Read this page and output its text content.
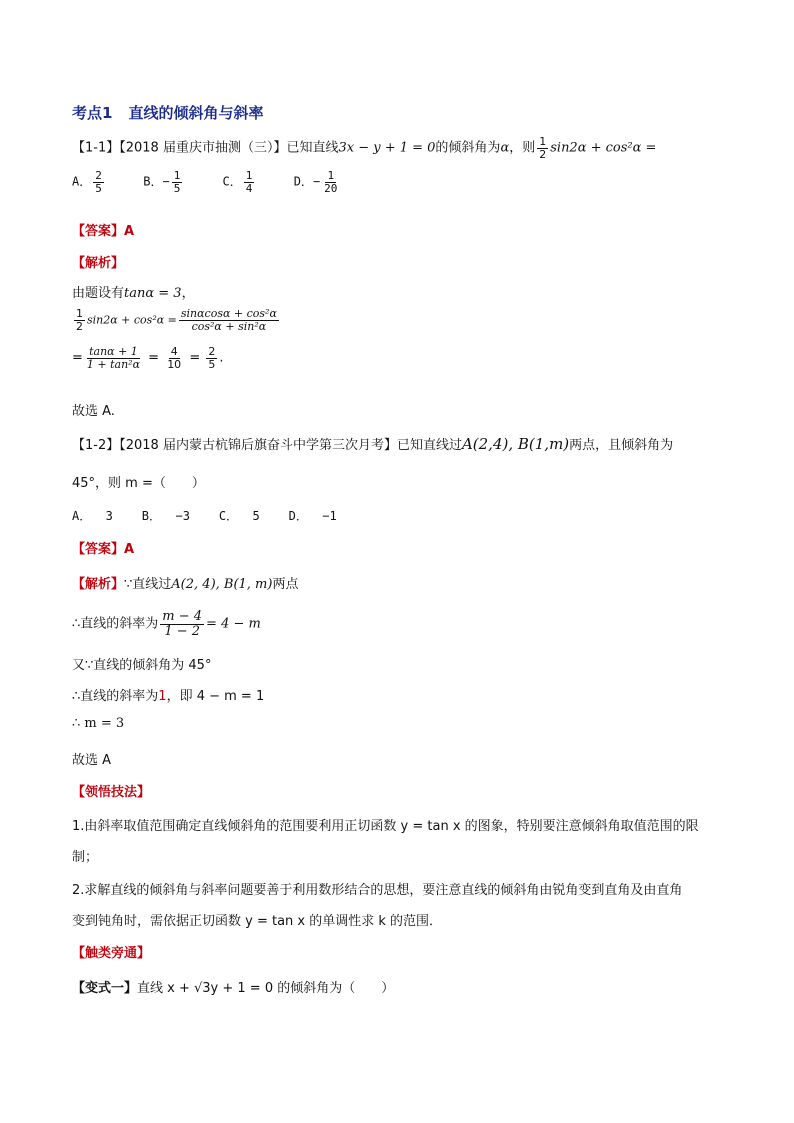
考点1 直线的倾斜角与斜率
【1-1】【2018 届重庆市抽测（三）】已知直线3x − y + 1 = 0的倾斜角为α，则 $\frac{1}{2} \sin 2\alpha + \cos^2\alpha$ =
A． $\frac{2}{5}$	B．− $\frac{1}{5}$	C． $\frac{1}{4}$	D．− $\frac{1}{20}$
【答案】A
【解析】
由题设有tanα = 3，
$\frac{1}{2} \sin 2\alpha + \cos^2\alpha = \frac{\text{sinαcosα + cos²α}}{\text{cos²α + sin²α}}$
= $\frac{\tan\alpha + 1}{\text{1 + tan²α}} = \frac{4}{10} = \frac{2}{5}$ .
故选 A.
【1-2】【2018 届内蒙古杭锦后旗奋斗中学第三次月考】已知直线过A(2,4), B(1,m)两点，且倾斜角为
45°，则 m =（　　）
A．  3    B．  −3    C．  5    D．  −1
【答案】A
【解析】∵直线过A(2, 4), B(1, m)两点
∴直线的斜率为 $\frac{m - 4}{1 - 2} = 4 - m$
又∵直线的倾斜角为 45°
∴直线的斜率为1，即 4 − m = 1
∴ m = 3
故选 A
【领悟技法】
1.由斜率取值范围确定直线倾斜角的范围要利用正切函数 y = tan x 的图象，特别要注意倾斜角取值范围的限
制；
2.求解直线的倾斜角与斜率问题要善于利用数形结合的思想，要注意直线的倾斜角由锐角变到直角及由直角
变到钝角时，需依据正切函数 y = tan x 的单调性求 k 的范围．
【触类旁通】
【变式一】直线 x + √3y + 1 = 0 的倾斜角为（　　）
